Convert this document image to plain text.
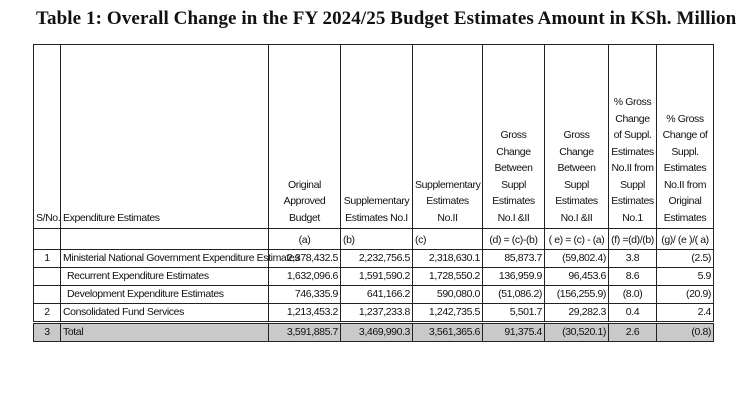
Table 1: Overall Change in the FY 2024/25 Budget Estimates Amount in KSh. Million
S/No.	Expenditure Estimates	Original Approved Budget	Supplementary Estimates No.I	Supplementary Estimates No.II	Gross Change Between Suppl Estimates No.I &II	Gross Change Between Suppl Estimates No.I &II	% Gross Change of Suppl. Estimates No.II from Suppl Estimates No.1	% Gross Change of Suppl. Estimates No.II from Original Estimates
		(a)	(b)	(c)	(d) = (c)-(b)	( e) = (c) - (a)	(f) =(d)/(b)	(g)/ (e )/( a)
1	Ministerial National Government Expenditure Estimates	2,378,432.5	2,232,756.5	2,318,630.1	85,873.7	(59,802.4)	3.8	(2.5)
	Recurrent Expenditure Estimates	1,632,096.6	1,591,590.2	1,728,550.2	136,959.9	96,453.6	8.6	5.9
	Development Expenditure Estimates	746,335.9	641,166.2	590,080.0	(51,086.2)	(156,255.9)	(8.0)	(20.9)
2	Consolidated Fund Services	1,213,453.2	1,237,233.8	1,242,735.5	5,501.7	29,282.3	0.4	2.4
3	Total	3,591,885.7	3,469,990.3	3,561,365.6	91,375.4	(30,520.1)	2.6	(0.8)
